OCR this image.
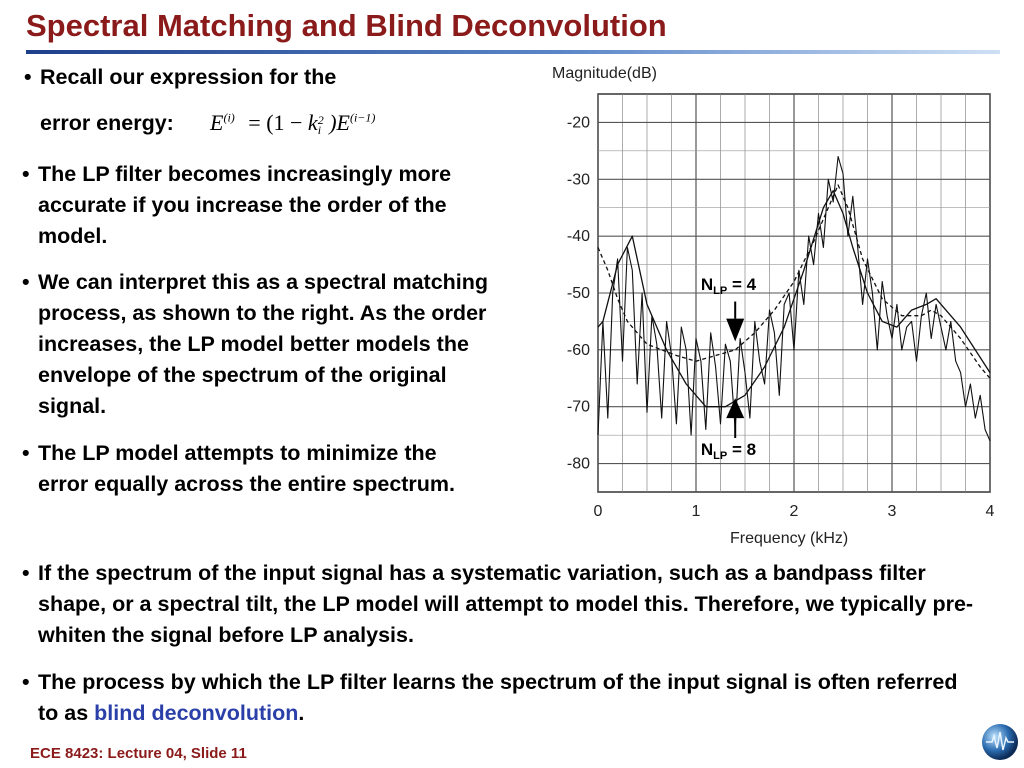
Spectral Matching and Blind Deconvolution
• Recall our expression for the
error energy: $E^{(i)} = (1 - k$ 2
i )$E^{(i-1)}$
• The LP filter becomes increasingly more accurate if you increase the order of the model.
• We can interpret this as a spectral matching process, as shown to the right. As the order increases, the LP model better models the envelope of the spectrum of the original signal.
• The LP model attempts to minimize the error equally across the entire spectrum.
• If the spectrum of the input signal has a systematic variation, such as a bandpass filter shape, or a spectral tilt, the LP model will attempt to model this. Therefore, we typically pre-whiten the signal before LP analysis.
• The process by which the LP filter learns the spectrum of the input signal is often referred to as blind deconvolution.
Magnitude(dB)
0	1	2	3	4
-20
-30
-40
-50
-60
-70
-80
$N_{LP} = 4$
$N_{LP} = 8$
Frequency (kHz)
ECE 8423: Lecture 04, Slide 11
